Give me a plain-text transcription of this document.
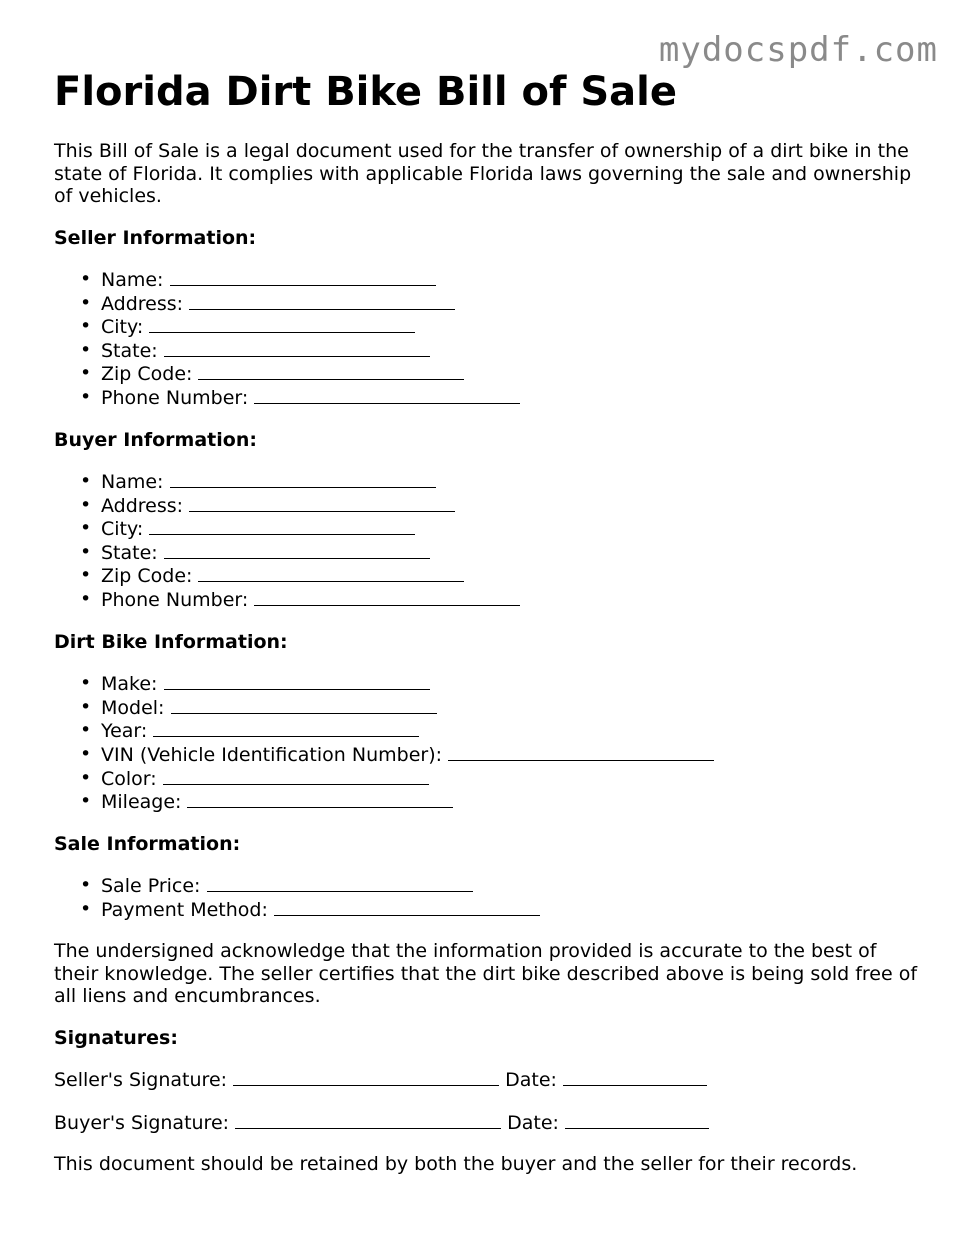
mydocspdf.com
Florida Dirt Bike Bill of Sale

This Bill of Sale is a legal document used for the transfer of ownership of a dirt bike in the state of Florida. It complies with applicable Florida laws governing the sale and ownership of vehicles.

Seller Information:
• Name:
• Address:
• City:
• State:
• Zip Code:
• Phone Number:
Buyer Information:
• Name:
• Address:
• City:
• State:
• Zip Code:
• Phone Number:
Dirt Bike Information:
• Make:
• Model:
• Year:
• VIN (Vehicle Identification Number):
• Color:
• Mileage:
Sale Information:
• Sale Price:
• Payment Method:

The undersigned acknowledge that the information provided is accurate to the best of their knowledge. The seller certifies that the dirt bike described above is being sold free of all liens and encumbrances.

Signatures:

Seller's Signature:	Date:

Buyer's Signature:	Date:

This document should be retained by both the buyer and the seller for their records.
